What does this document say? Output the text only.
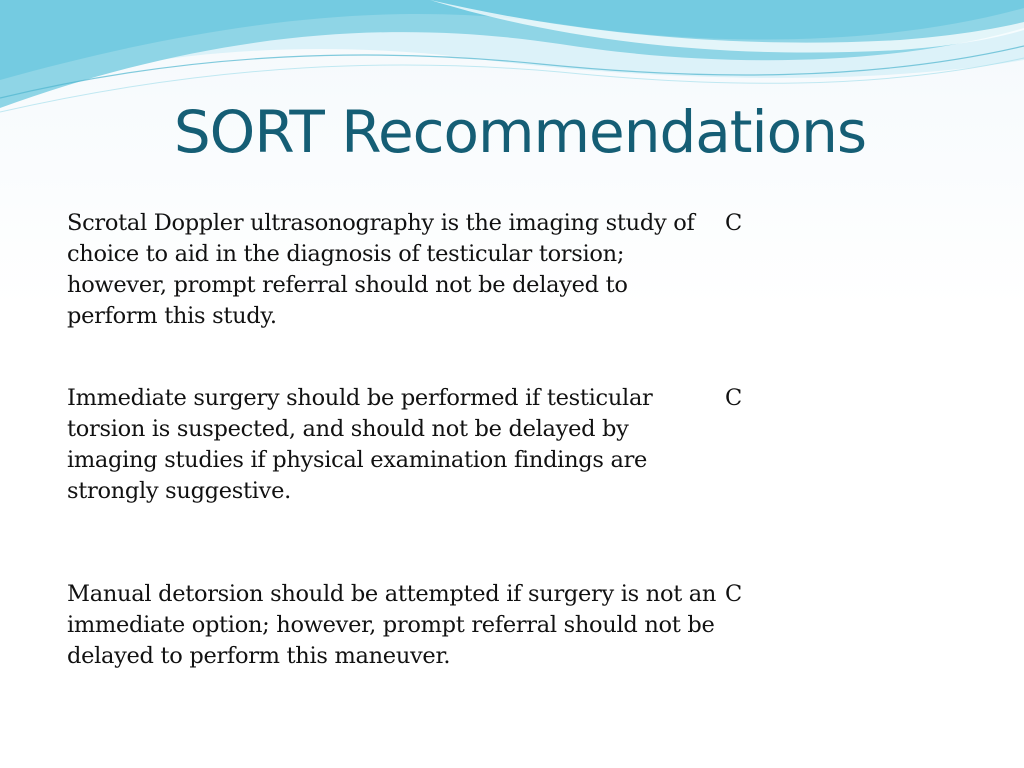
SORT Recommendations
Scrotal Doppler ultrasonography is the imaging study of choice to aid in the diagnosis of testicular torsion; however, prompt referral should not be delayed to perform this study.
C
Immediate surgery should be performed if testicular torsion is suspected, and should not be delayed by imaging studies if physical examination findings are strongly suggestive.
C
Manual detorsion should be attempted if surgery is not an immediate option; however, prompt referral should not be delayed to perform this maneuver.
C
